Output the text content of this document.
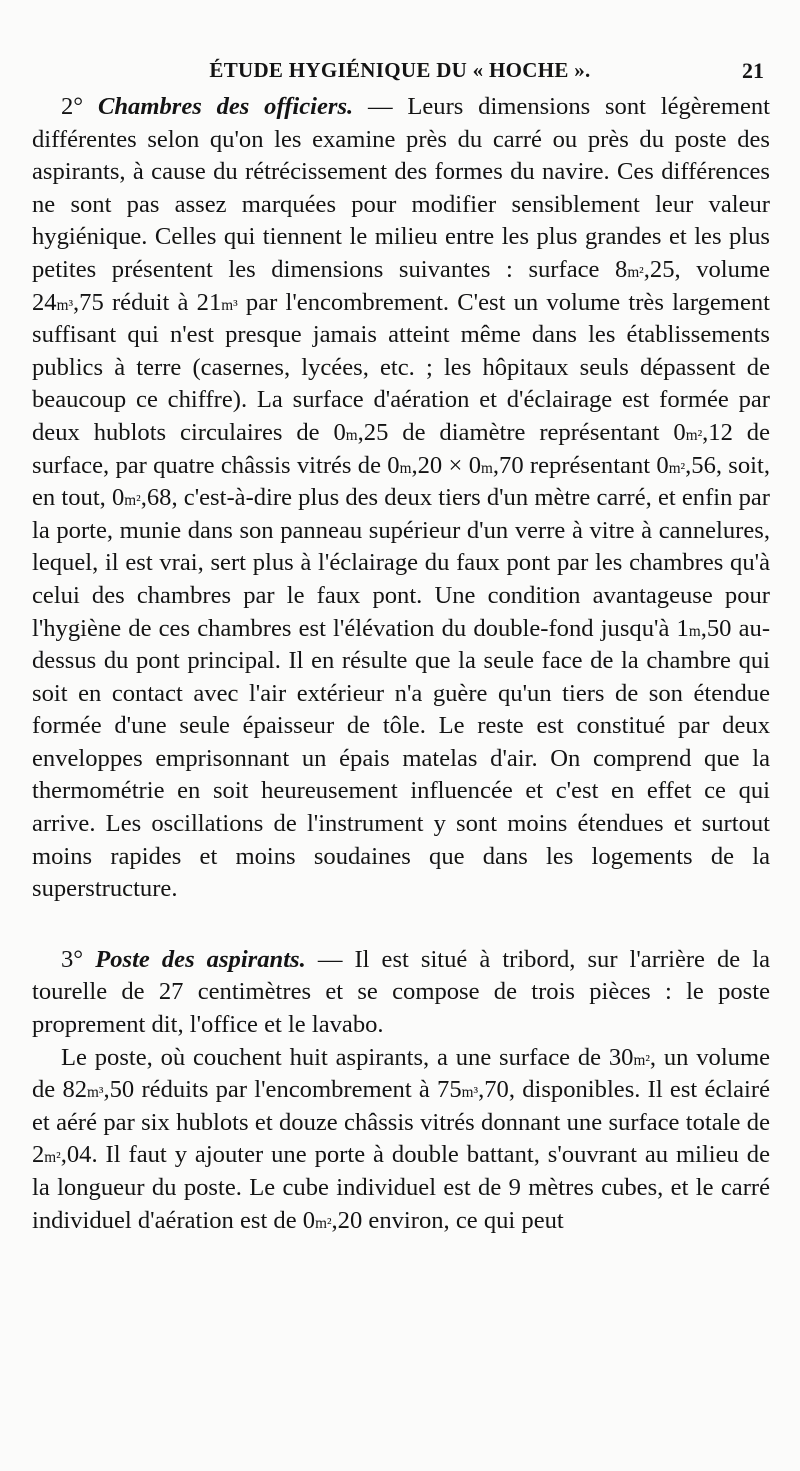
ÉTUDE HYGIÉNIQUE DU « HOCHE ».	21

2° Chambres des officiers. — Leurs dimensions sont légèrement différentes selon qu'on les examine près du carré ou près du poste des aspirants, à cause du rétrécissement des formes du navire. Ces différences ne sont pas assez marquées pour modifier sensiblement leur valeur hygiénique. Celles qui tiennent le milieu entre les plus grandes et les plus petites présentent les dimensions suivantes : surface $8^{m^2},25$, volume $24^{m^3},75$ réduit à $21^{m^3}$ par l'encombrement. C'est un volume très largement suffisant qui n'est presque jamais atteint même dans les établissements publics à terre (casernes, lycées, etc. ; les hôpitaux seuls dépassent de beaucoup ce chiffre). La surface d'aération et d'éclairage est formée par deux hublots circulaires de 0$^m$,25 de diamètre représentant $0^{m^2},12$ de surface, par quatre châssis vitrés de $0^m,20 \times 0^m,70$ représentant $0^{m^2},56$, soit, en tout, $0^{m^2},68$, c'est-à-dire plus des deux tiers d'un mètre carré, et enfin par la porte, munie dans son panneau supérieur d'un verre à vitre à cannelures, lequel, il est vrai, sert plus à l'éclairage du faux pont par les chambres qu'à celui des chambres par le faux pont. Une condition avantageuse pour l'hygiène de ces chambres est l'élévation du double-fond jusqu'à 1$^m$,50 au-dessus du pont principal. Il en résulte que la seule face de la chambre qui soit en contact avec l'air extérieur n'a guère qu'un tiers de son étendue formée d'une seule épaisseur de tôle. Le reste est constitué par deux enveloppes emprisonnant un épais matelas d'air. On comprend que la thermométrie en soit heureusement influencée et c'est en effet ce qui arrive. Les oscillations de l'instrument y sont moins étendues et surtout moins rapides et moins soudaines que dans les logements de la superstructure.

3° Poste des aspirants. — Il est situé à tribord, sur l'arrière de la tourelle de 27 centimètres et se compose de trois pièces : le poste proprement dit, l'office et le lavabo.

Le poste, où couchent huit aspirants, a une surface de $30^{m^2}$, un volume de $82^{m^3},50$ réduits par l'encombrement à $75^{m^3},70$, disponibles. Il est éclairé et aéré par six hublots et douze châssis vitrés donnant une surface totale de $2^{m^2},04$. Il faut y ajouter une porte à double battant, s'ouvrant au milieu de la longueur du poste. Le cube individuel est de 9 mètres cubes, et le carré individuel d'aération est de $0^{m^2},20$ environ, ce qui peut
